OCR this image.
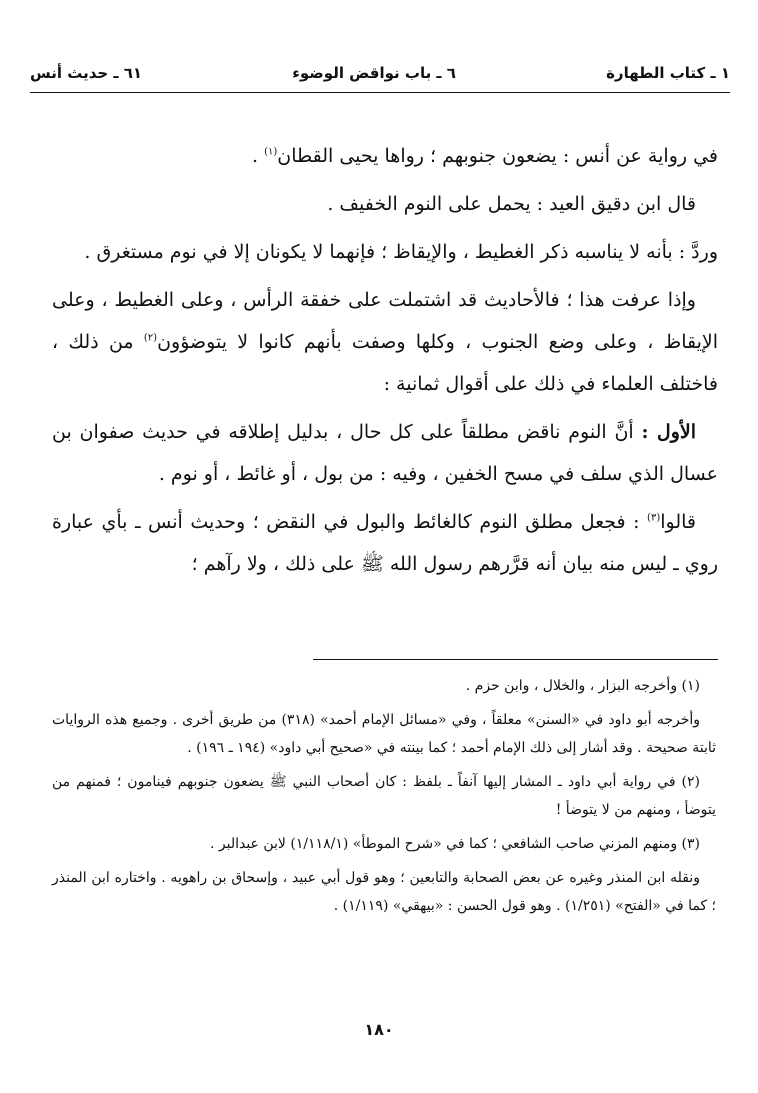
١ ـ كتاب الطهارة
٦ ـ باب نواقض الوضوء
٦١ ـ حديث أنس

في رواية عن أنس : يضعون جنوبهم ؛ رواها يحيى القطان$^{(١)}$ .

قال ابن دقيق العيد : يحمل على النوم الخفيف .

وردَّ : بأنه لا يناسبه ذكر الغطيط ، والإيقاظ ؛ فإنهما لا يكونان إلا في نوم مستغرق .

وإذا عرفت هذا ؛ فالأحاديث قد اشتملت على خفقة الرأس ، وعلى الغطيط ، وعلى الإيقاظ ، وعلى وضع الجنوب ، وكلها وصفت بأنهم كانوا لا يتوضؤون$^{(٢)}$ من ذلك ، فاختلف العلماء في ذلك على أقوال ثمانية :

الأول : أنَّ النوم ناقض مطلقاً على كل حال ، بدليل إطلاقه في حديث صفوان بن عسال الذي سلف في مسح الخفين ، وفيه : من بول ، أو غائط ، أو نوم .

قالوا$^{(٣)}$ : فجعل مطلق النوم كالغائط والبول في النقض ؛ وحديث أنس ـ بأي عبارة روي ـ ليس منه بيان أنه قرَّرهم رسول الله ﷺ على ذلك ، ولا رآهم ؛

(١) وأخرجه البزار ، والخلال ، وابن حزم .

وأخرجه أبو داود في «السنن» معلقاً ، وفي «مسائل الإمام أحمد» (٣١٨) من طريق أخرى . وجميع هذه الروايات ثابتة صحيحة . وقد أشار إلى ذلك الإمام أحمد ؛ كما بينته في «صحيح أبي داود» (١٩٤ ـ ١٩٦) .

(٢) في رواية أبي داود ـ المشار إليها آنفاً ـ بلفظ : كان أصحاب النبي ﷺ يضعون جنوبهم فينامون ؛ فمنهم من يتوضأ ، ومنهم من لا يتوضأ !

(٣) ومنهم المزني صاحب الشافعي ؛ كما في «شرح الموطأ» (١/١١٨/١) لابن عبدالبر .

ونقله ابن المنذر وغيره عن بعض الصحابة والتابعين ؛ وهو قول أبي عبيد ، وإسحاق بن راهويه . واختاره ابن المنذر ؛ كما في «الفتح» (١/٢٥١) . وهو قول الحسن : «بيهقي» (١/١١٩) .

١٨٠
